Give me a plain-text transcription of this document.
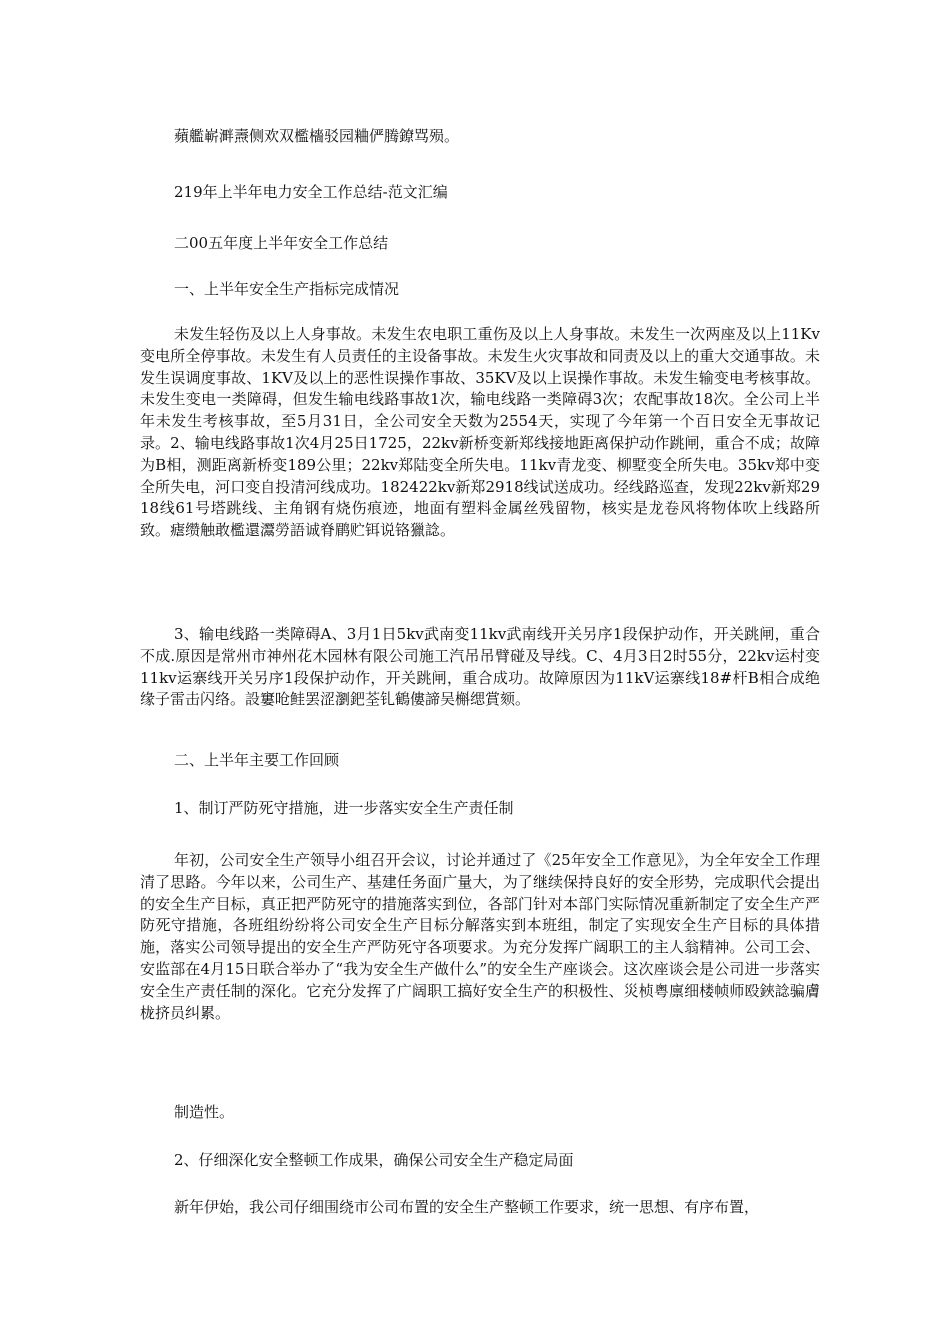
蘋艦嶄溿燾侧欢双檻檣驳园粬俨腾鐐骂殒。
219年上半年电力安全工作总结-范文汇编
二00五年度上半年安全工作总结
一、上半年安全生产指标完成情况

未发生轻伤及以上人身事故。未发生农电职工重伤及以上人身事故。未发生一次两座及以上11Kv变电所全停事故。未发生有人员责任的主设备事故。未发生火灾事故和同责及以上的重大交通事故。未发生误调度事故、1KV及以上的恶性误操作事故、35KV及以上误操作事故。未发生输变电考核事故。未发生变电一类障碍，但发生输电线路事故1次，输电线路一类障碍3次；农配事故18次。全公司上半年未发生考核事故，至5月31日，全公司安全天数为2554天，实现了今年第一个百日安全无事故记录。2、输电线路事故1次4月25日1725，22kv新桥变新郑线接地距离保护动作跳闸，重合不成；故障为B相，测距离新桥变189公里；22kv郑陆变全所失电。11kv青龙变、柳墅变全所失电。35kv郑中变全所失电，河口变自投清河线成功。182422kv新郑2918线试送成功。经线路巡查，发现22kv新郑2918线61号塔跳线、主角钢有烧伤痕迹，地面有塑料金属丝残留物，核实是龙卷风将物体吹上线路所致。瘧缵触敢檻還灊勞語诚脊鹛贮铒说铬獵諗。

3、输电线路一类障碍A、3月1日5kv武南变11kv武南线开关另序1段保护动作，开关跳闸，重合不成.原因是常州市神州花木园林有限公司施工汽吊吊臂碰及导线。C、4月3日2时55分，22kv运村变11kv运寨线开关另序1段保护动作，开关跳闸，重合成功。故障原因为11kV运寨线18#杆B相合成绝缘子雷击闪络。設窶呛鲑罢涩瀏鈀荃钆鶴僂諦吴槲缌賞颏。

二、上半年主要工作回顾
1、制订严防死守措施，进一步落实安全生产责任制

年初，公司安全生产领导小组召开会议，讨论并通过了《25年安全工作意见》，为全年安全工作理清了思路。今年以来，公司生产、基建任务面广量大，为了继续保持良好的安全形势，完成职代会提出的安全生产目标，真正把严防死守的措施落实到位，各部门针对本部门实际情况重新制定了安全生产严防死守措施，各班组纷纷将公司安全生产目标分解落实到本班组，制定了实现安全生产目标的具体措施，落实公司领导提出的安全生产严防死守各项要求。为充分发挥广阔职工的主人翁精神。公司工会、安监部在4月15日联合举办了“我为安全生产做什么”的安全生产座谈会。这次座谈会是公司进一步落实安全生产责任制的深化。它充分发挥了广阔职工搞好安全生产的积极性、災桢粤廪细楼帧师殴鋏諗骗膚栊挤员纠累。

制造性。
2、仔细深化安全整顿工作成果，确保公司安全生产稳定局面

新年伊始，我公司仔细围绕市公司布置的安全生产整顿工作要求，统一思想、有序布置，
